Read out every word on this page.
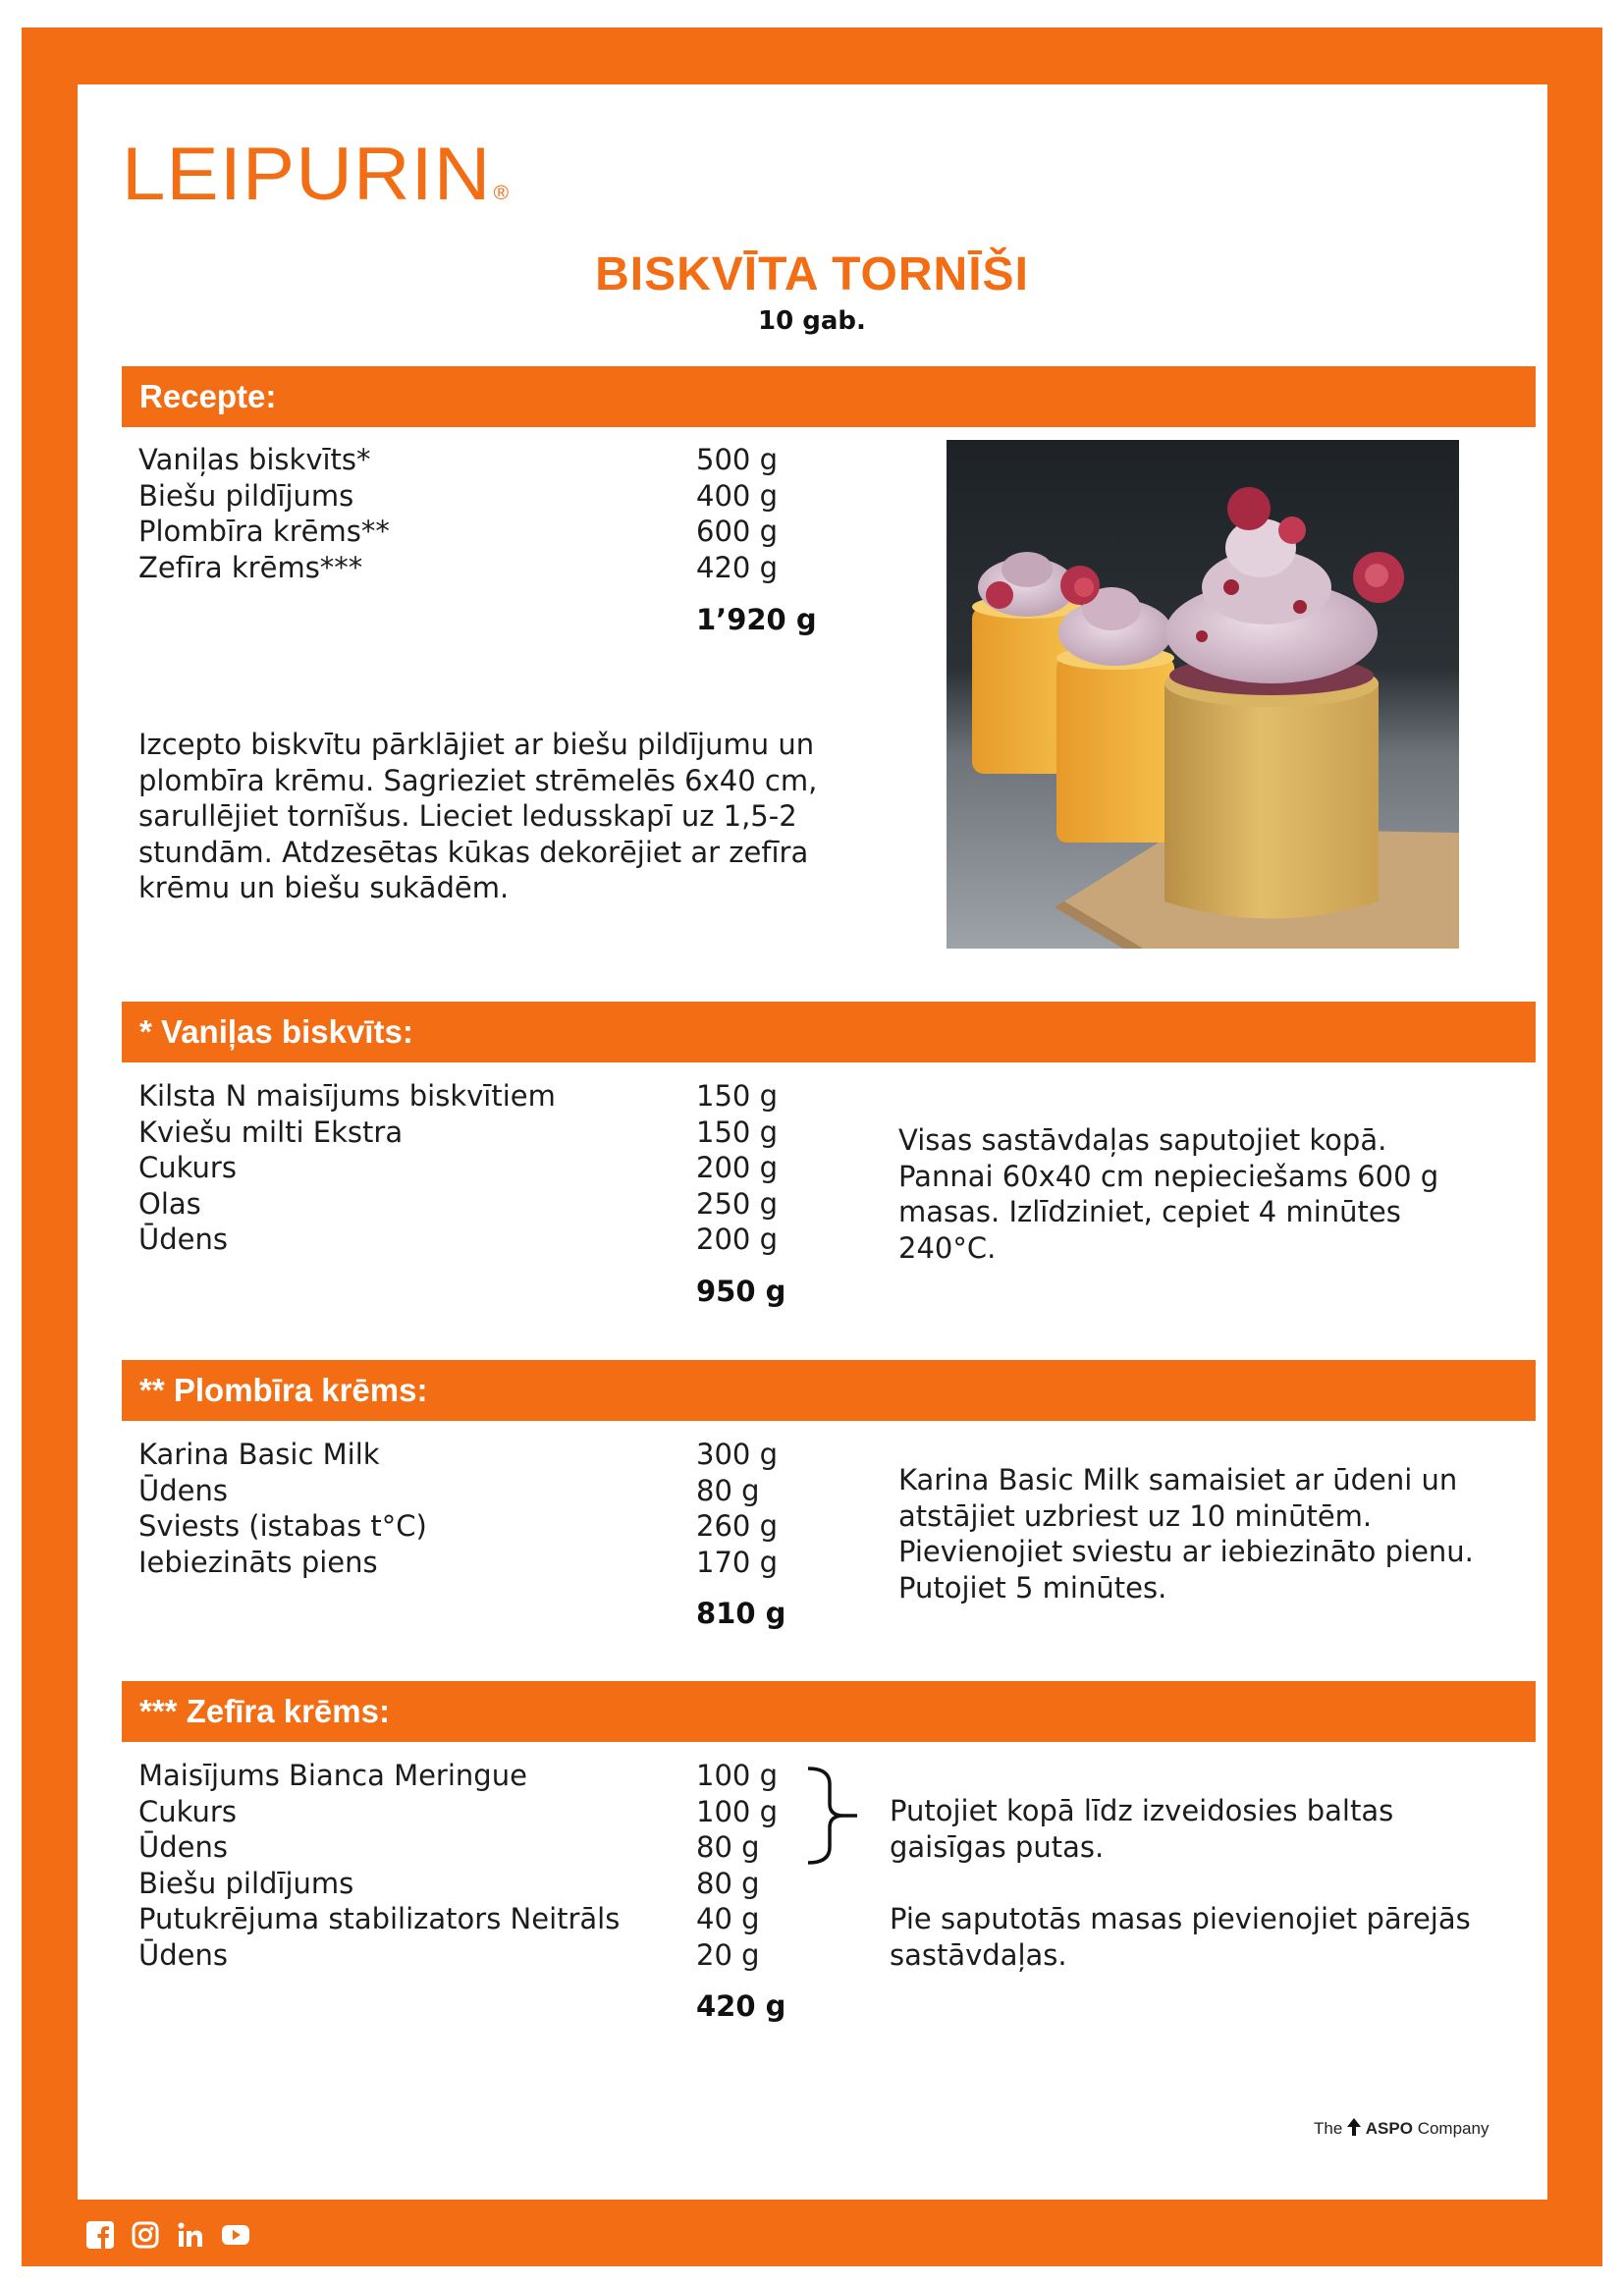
LEIPURIN ®
BISKVĪTA TORNĪŠI
10 gab.
Recepte:
Vaniļas biskvīts*
Biešu pildījums
Plombīra krēms**
Zefīra krēms***
500 g
400 g
600 g
420 g
1’920 g
Izcepto biskvītu pārklājiet ar biešu pildījumu un
plombīra krēmu. Sagrieziet strēmelēs 6x40 cm,
sarullējiet tornīšus. Lieciet ledusskapī uz 1,5-2
stundām. Atdzesētas kūkas dekorējiet ar zefīra
krēmu un biešu sukādēm.
* Vaniļas biskvīts:
Kilsta N maisījums biskvītiem
Kviešu milti Ekstra
Cukurs
Olas
Ūdens
150 g
150 g
200 g
250 g
200 g
950 g
Visas sastāvdaļas saputojiet kopā.
Pannai 60x40 cm nepieciešams 600 g
masas. Izlīdziniet, cepiet 4 minūtes
240°C.
** Plombīra krēms:
Karina Basic Milk
Ūdens
Sviests (istabas t°C)
Iebiezināts piens
300 g
80 g
260 g
170 g
810 g
Karina Basic Milk samaisiet ar ūdeni un
atstājiet uzbriest uz 10 minūtēm.
Pievienojiet sviestu ar iebiezināto pienu.
Putojiet 5 minūtes.
*** Zefīra krēms:
Maisījums Bianca Meringue
Cukurs
Ūdens
Biešu pildījums
Putukrējuma stabilizators Neitrāls
Ūdens
100 g
100 g
80 g
80 g
40 g
20 g
420 g
Putojiet kopā līdz izveidosies baltas
gaisīgas putas.
Pie saputotās masas pievienojiet pārejās
sastāvdaļas.
The ASPO Company
